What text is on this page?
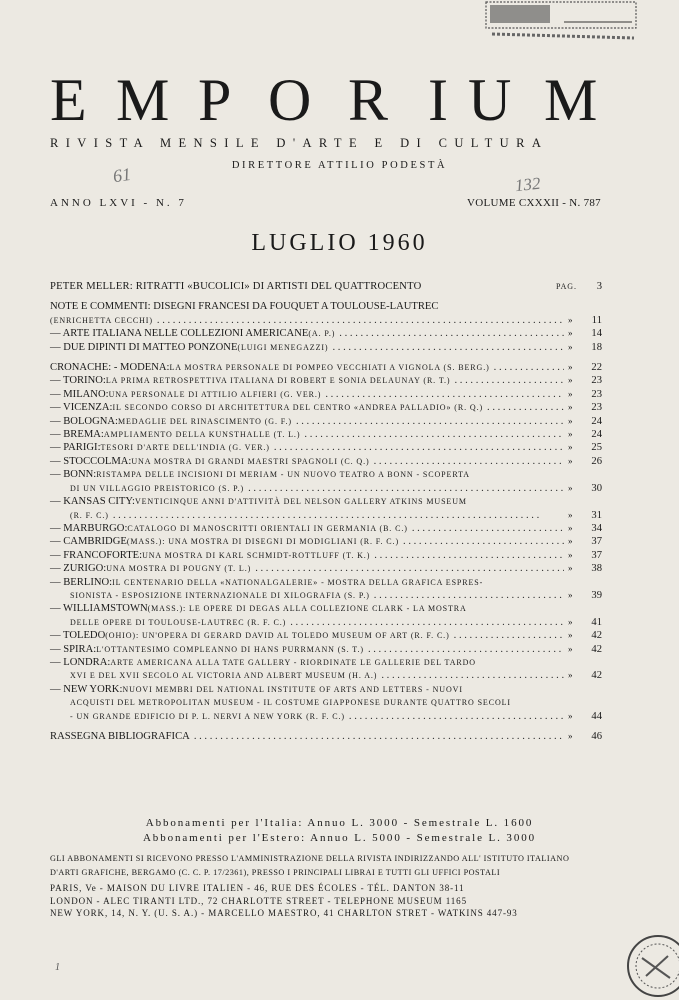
E M P O R I U M
RIVISTA MENSILE D'ARTE E DI CULTURA
DIRETTORE ATTILIO PODESTÀ
61	132
ANNO LXVI - N. 7	VOLUME CXXXII - N. 787
LUGLIO 1960
PETER MELLER: RITRATTI «BUCOLICI» DI ARTISTI DEL QUATTROCENTO	PAG. 3
NOTE E COMMENTI: DISEGNI FRANCESI DA FOUQUET A TOULOUSE-LAUTREC
(ENRICHETTA CECCHI) . . .	» 11
— ARTE ITALIANA NELLE COLLEZIONI AMERICANE (A. P.) . . .	» 14
— DUE DIPINTI DI MATTEO PONZONE (LUIGI MENEGAZZI) . . .	» 18
CRONACHE: - MODENA: LA MOSTRA PERSONALE DI POMPEO VECCHIATI A VIGNOLA (S. BERG.) . . .	» 22
— TORINO: LA PRIMA RETROSPETTIVA ITALIANA DI ROBERT E SONIA DELAUNAY (R. T.) . . .	» 23
— MILANO: UNA PERSONALE DI ATTILIO ALFIERI (G. VER.) . . .	» 23
— VICENZA: IL SECONDO CORSO DI ARCHITETTURA DEL CENTRO «ANDREA PALLADIO» (R. Q.) . . .	» 23
— BOLOGNA: MEDAGLIE DEL RINASCIMENTO (G. F.) . . .	» 24
— BREMA: AMPLIAMENTO DELLA KUNSTHALLE (T. L.) . . .	» 24
— PARIGI: TESORI D'ARTE DELL'INDIA (G. VER.) . . .	» 25
— STOCCOLMA: UNA MOSTRA DI GRANDI MAESTRI SPAGNOLI (C. Q.) . . .	» 26
— BONN: RISTAMPA DELLE INCISIONI DI MERIAM - UN NUOVO TEATRO A BONN - SCOPERTA
DI UN VILLAGGIO PREISTORICO (S. P.) . . .	» 30
— KANSAS CITY: VENTICINQUE ANNI D'ATTIVITÀ DEL NELSON GALLERY ATKINS MUSEUM
(R. F. C.) . . .	» 31
— MARBURGO: CATALOGO DI MANOSCRITTI ORIENTALI IN GERMANIA (B. C.) . . .	» 34
— CAMBRIDGE (MASS.): UNA MOSTRA DI DISEGNI DI MODIGLIANI (R. F. C.) . . .	» 37
— FRANCOFORTE: UNA MOSTRA DI KARL SCHMIDT-ROTTLUFF (T. K.) . . .	» 37
— ZURIGO: UNA MOSTRA DI POUGNY (T. L.) . . .	» 38
— BERLINO: IL CENTENARIO DELLA «NATIONALGALERIE» - MOSTRA DELLA GRAFICA ESPRES-
SIONISTA - ESPOSIZIONE INTERNAZIONALE DI XILOGRAFIA (S. P.) . . .	» 39
— WILLIAMSTOWN (MASS.): LE OPERE DI DEGAS ALLA COLLEZIONE CLARK - LA MOSTRA
DELLE OPERE DI TOULOUSE-LAUTREC (R. F. C.) . . .	» 41
— TOLEDO (OHIO): UN'OPERA DI GERARD DAVID AL TOLEDO MUSEUM OF ART (R. F. C.) . . .	» 42
— SPIRA: L'OTTANTESIMO COMPLEANNO DI HANS PURRMANN (S. T.) . . .	» 42
— LONDRA: ARTE AMERICANA ALLA TATE GALLERY - RIORDINATE LE GALLERIE DEL TARDO
XVI E DEL XVII SECOLO AL VICTORIA AND ALBERT MUSEUM (H. A.) . . .	» 42
— NEW YORK: NUOVI MEMBRI DEL NATIONAL INSTITUTE OF ARTS AND LETTERS - NUOVI
ACQUISTI DEL METROPOLITAN MUSEUM - IL COSTUME GIAPPONESE DURANTE QUATTRO SECOLI
- UN GRANDE EDIFICIO DI P. L. NERVI A NEW YORK (R. F. C.) . . .	» 44
RASSEGNA BIBLIOGRAFICA . . .	» 46
Abbonamenti per l'Italia: Annuo L. 3000 - Semestrale L. 1600
Abbonamenti per l'Estero: Annuo L. 5000 - Semestrale L. 3000
GLI ABBONAMENTI SI RICEVONO PRESSO L'AMMINISTRAZIONE DELLA RIVISTA INDIRIZZANDO ALL' ISTITUTO ITALIANO
D'ARTI GRAFICHE, BERGAMO (C. C. P. 17/2361), PRESSO I PRINCIPALI LIBRAI E TUTTI GLI UFFICI POSTALI
PARIS, Ve - MAISON DU LIVRE ITALIEN - 46, RUE DES ÉCOLES - TÉL. DANTON 38-11
LONDON - ALEC TIRANTI LTD., 72 CHARLOTTE STREET - TELEPHONE MUSEUM 1165
NEW YORK, 14, N. Y. (U. S. A.) - MARCELLO MAESTRO, 41 CHARLTON STRET - WATKINS 447-93
1
